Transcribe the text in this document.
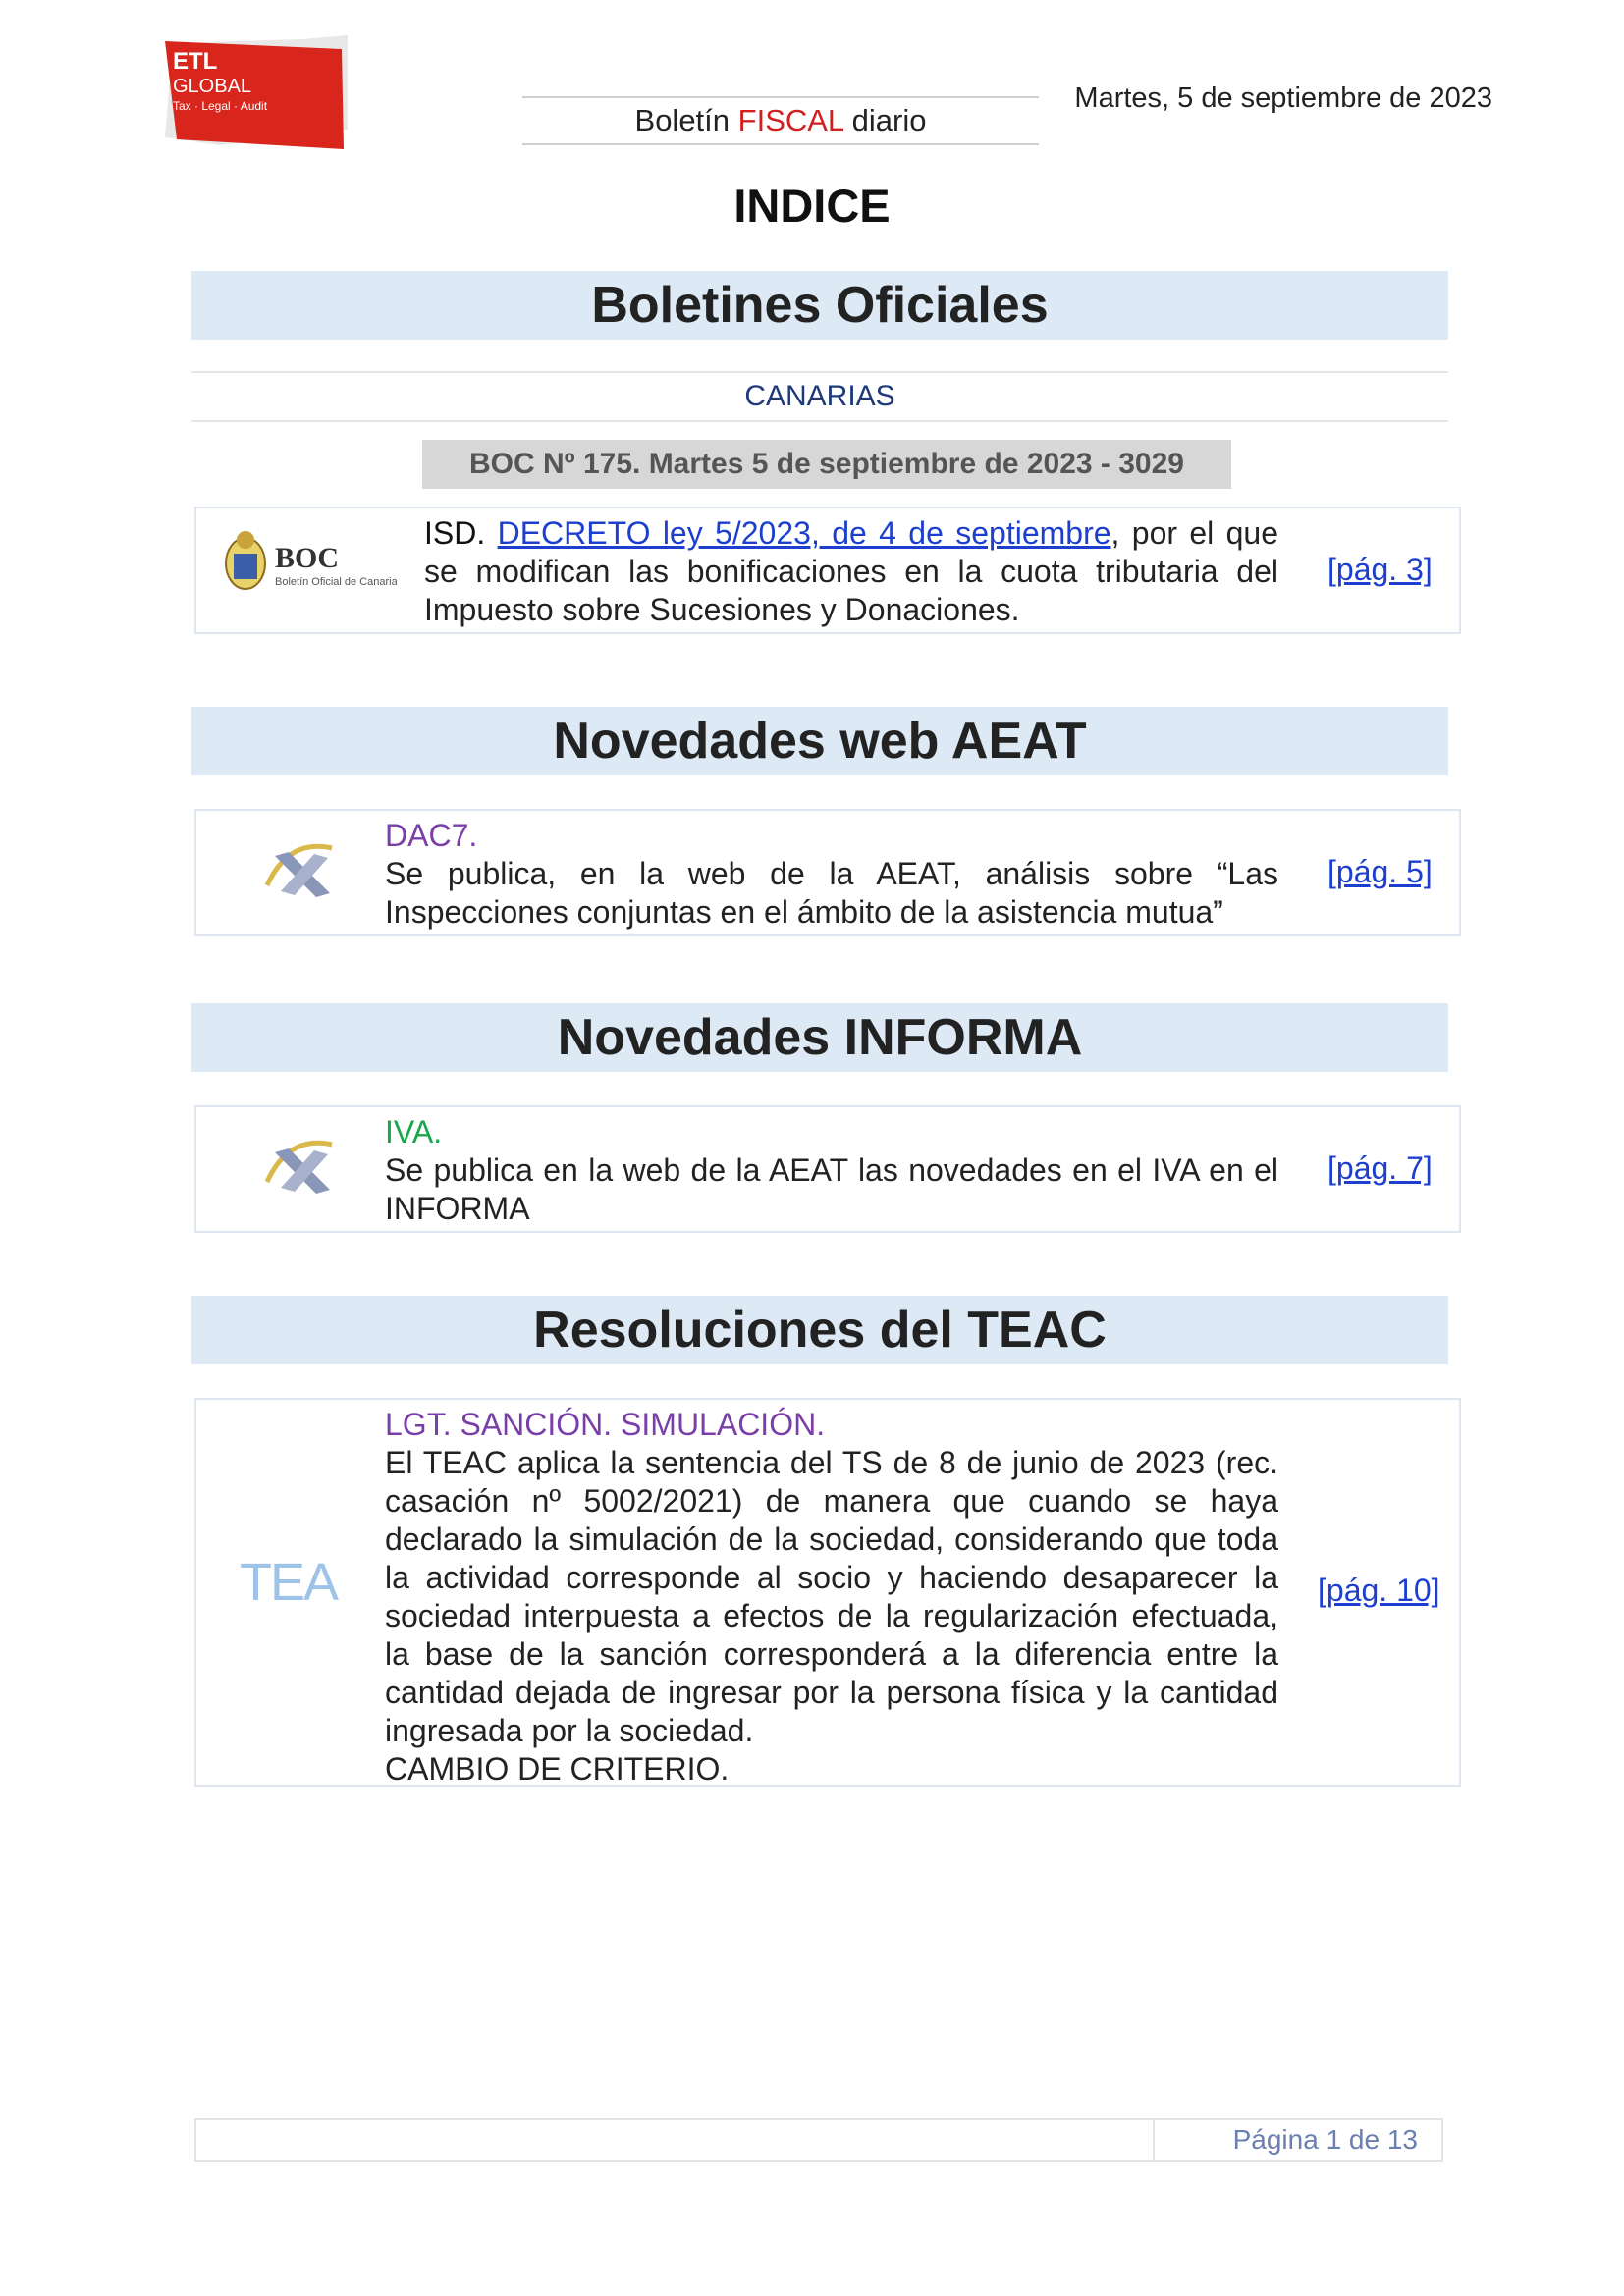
ETL
GLOBAL
Tax · Legal · Audit	Boletín FISCAL diario
Martes, 5 de septiembre de 2023
INDICE
Boletines Oficiales
CANARIAS
BOC Nº 175. Martes 5 de septiembre de 2023 - 3029
BOC
Boletín Oficial de Canarias

ISD. DECRETO ley 5/2023, de 4 de septiembre, por el que se modifican las bonificaciones en la cuota tributaria del Impuesto sobre Sucesiones y Donaciones.

[pág. 3]
Novedades web AEAT

DAC7.

Se publica, en la web de la AEAT, análisis sobre “Las Inspecciones conjuntas en el ámbito de la asistencia mutua”

[pág. 5]
Novedades INFORMA

IVA.

Se publica en la web de la AEAT las novedades en el IVA en el INFORMA

[pág. 7]
Resoluciones del TEAC
TEA

LGT. SANCIÓN. SIMULACIÓN.

El TEAC aplica la sentencia del TS de 8 de junio de 2023 (rec. casación nº 5002/2021) de manera que cuando se haya declarado la simulación de la sociedad, considerando que toda la actividad corresponde al socio y haciendo desaparecer la sociedad interpuesta a efectos de la regularización efectuada, la base de la sanción corresponderá a la diferencia entre la cantidad dejada de ingresar por la persona física y la cantidad ingresada por la sociedad.

CAMBIO DE CRITERIO.

[pág. 10]
Página 1 de 13
